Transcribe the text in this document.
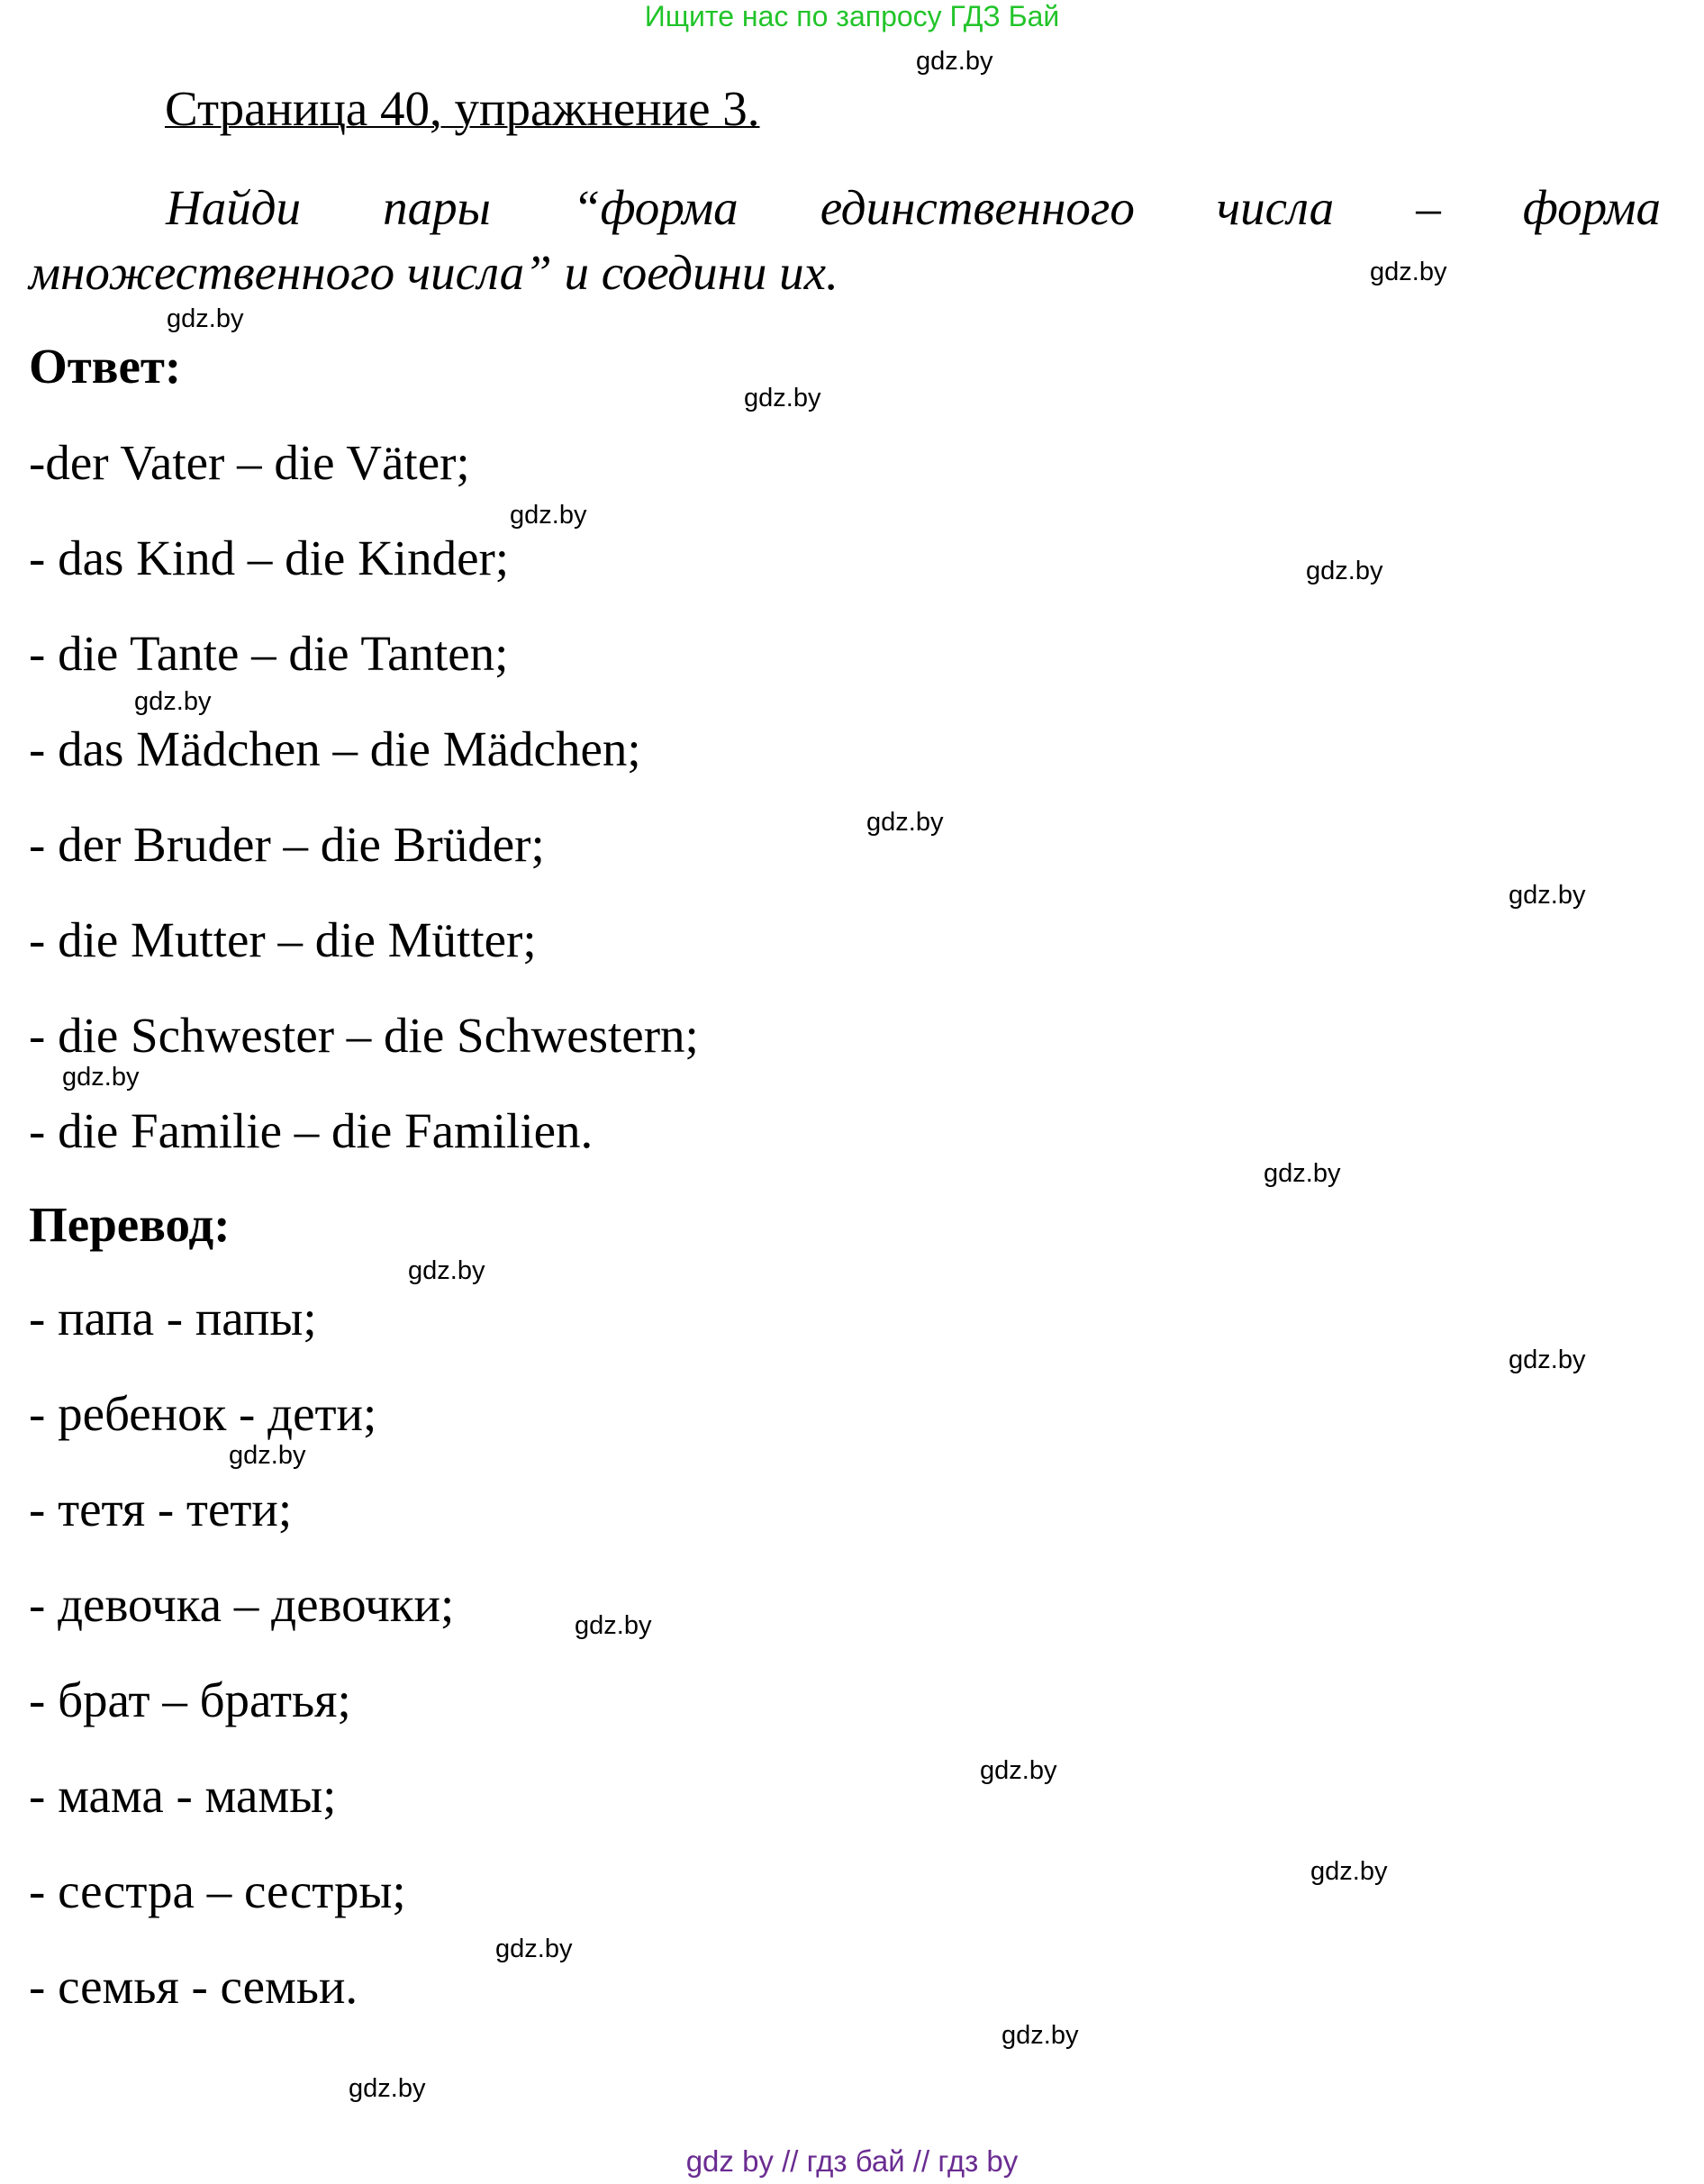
Ищите нас по запросу ГДЗ Бай
Страница 40, упражнение 3.
Найди пары “форма единственного числа – форма
множественного числа” и соедини их.
Ответ:
-der Vater – die Väter;
- das Kind – die Kinder;
- die Tante – die Tanten;
- das Mädchen – die Mädchen;
- der Bruder – die Brüder;
- die Mutter – die Mütter;
- die Schwester – die Schwestern;
- die Familie – die Familien.
Перевод:
- папа - папы;
- ребенок - дети;
- тетя - тети;
- девочка – девочки;
- брат – братья;
- мама - мамы;
- сестра – сестры;
- семья - семьи.
gdz.by
gdz.by
gdz.by
gdz.by
gdz.by
gdz.by
gdz.by
gdz.by
gdz.by
gdz.by
gdz.by
gdz.by
gdz.by
gdz.by
gdz.by
gdz.by
gdz.by
gdz.by
gdz.by
gdz.by
gdz by // гдз бай // гдз by
